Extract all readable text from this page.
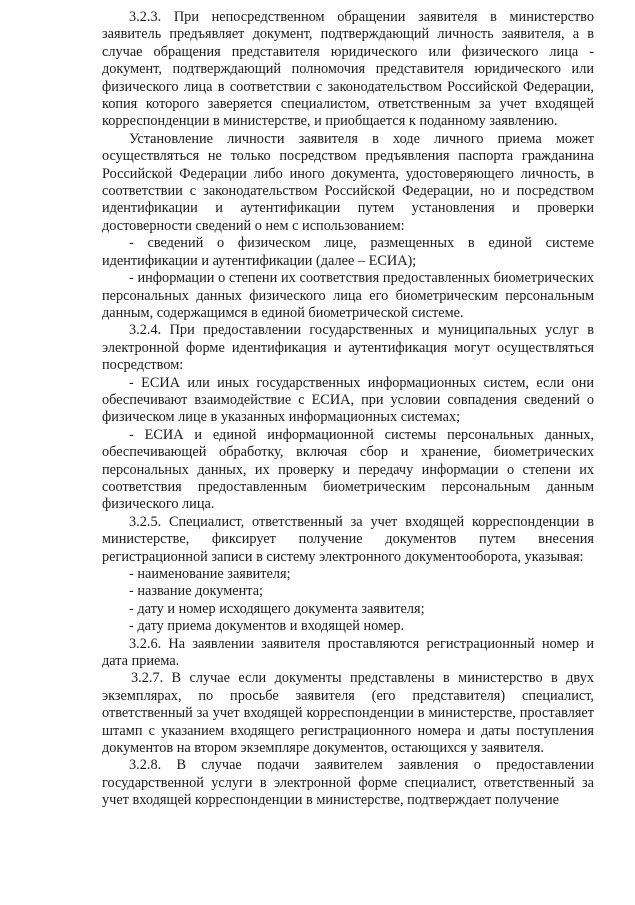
3.2.3. При непосредственном обращении заявителя в министерство заявитель предъявляет документ, подтверждающий личность заявителя, а в случае обращения представителя юридического или физического лица - документ, подтверждающий полномочия представителя юридического или физического лица в соответствии с законодательством Российской Федерации, копия которого заверяется специалистом, ответственным за учет входящей корреспонденции в министерстве, и приобщается к поданному заявлению.

Установление личности заявителя в ходе личного приема может осуществляться не только посредством предъявления паспорта гражданина Российской Федерации либо иного документа, удостоверяющего личность, в соответствии с законодательством Российской Федерации, но и посредством идентификации и аутентификации путем установления и проверки достоверности сведений о нем с использованием:

- сведений о физическом лице, размещенных в единой системе идентификации и аутентификации (далее – ЕСИА);

- информации о степени их соответствия предоставленных биометрических персональных данных физического лица его биометрическим персональным данным, содержащимся в единой биометрической системе.

3.2.4. При предоставлении государственных и муниципальных услуг в электронной форме идентификация и аутентификация могут осуществляться посредством:

- ЕСИА или иных государственных информационных систем, если они обеспечивают взаимодействие с ЕСИА, при условии совпадения сведений о физическом лице в указанных информационных системах;

- ЕСИА и единой информационной системы персональных данных, обеспечивающей обработку, включая сбор и хранение, биометрических персональных данных, их проверку и передачу информации о степени их соответствия предоставленным биометрическим персональным данным физического лица.

3.2.5. Специалист, ответственный за учет входящей корреспонденции в министерстве, фиксирует получение документов путем внесения регистрационной записи в систему электронного документооборота, указывая:

- наименование заявителя;

- название документа;

- дату и номер исходящего документа заявителя;

- дату приема документов и входящей номер.

3.2.6. На заявлении заявителя проставляются регистрационный номер и дата приема.

3.2.7. В случае если документы представлены в министерство в двух экземплярах, по просьбе заявителя (его представителя) специалист, ответственный за учет входящей корреспонденции в министерстве, проставляет штамп с указанием входящего регистрационного номера и даты поступления документов на втором экземпляре документов, остающихся у заявителя.

3.2.8. В случае подачи заявителем заявления о предоставлении государственной услуги в электронной форме специалист, ответственный за учет входящей корреспонденции в министерстве, подтверждает получение
